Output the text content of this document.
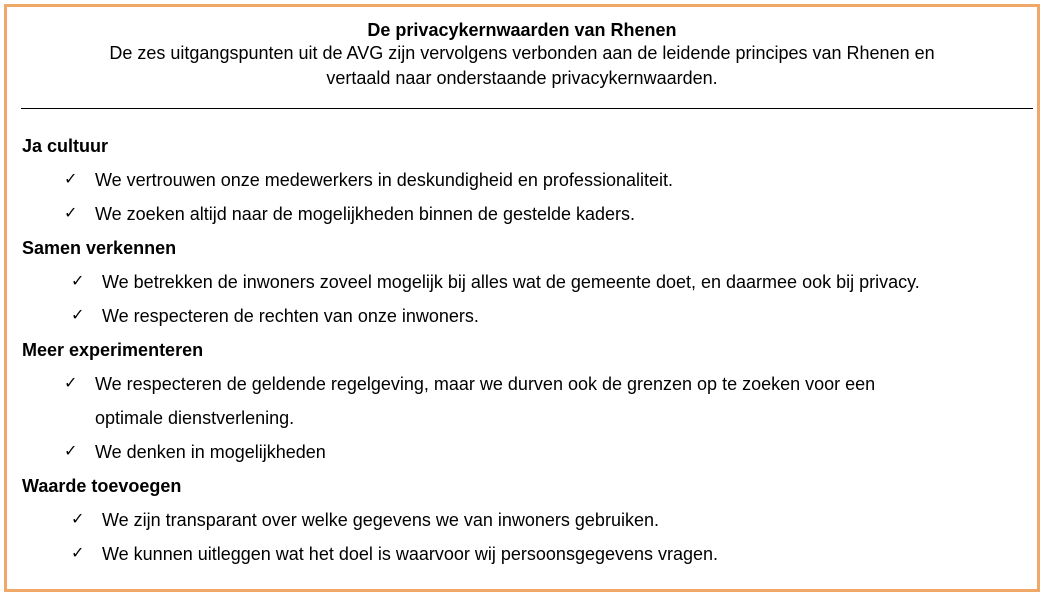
De privacykernwaarden van Rhenen
De zes uitgangspunten uit de AVG zijn vervolgens verbonden aan de leidende principes van Rhenen en
vertaald naar onderstaande privacykernwaarden.
Ja cultuur
✓ We vertrouwen onze medewerkers in deskundigheid en professionaliteit.
✓ We zoeken altijd naar de mogelijkheden binnen de gestelde kaders.
Samen verkennen
✓ We betrekken de inwoners zoveel mogelijk bij alles wat de gemeente doet, en daarmee ook bij privacy.
✓ We respecteren de rechten van onze inwoners.
Meer experimenteren
✓ We respecteren de geldende regelgeving, maar we durven ook de grenzen op te zoeken voor een
optimale dienstverlening.
✓ We denken in mogelijkheden
Waarde toevoegen
✓ We zijn transparant over welke gegevens we van inwoners gebruiken.
✓ We kunnen uitleggen wat het doel is waarvoor wij persoonsgegevens vragen.
